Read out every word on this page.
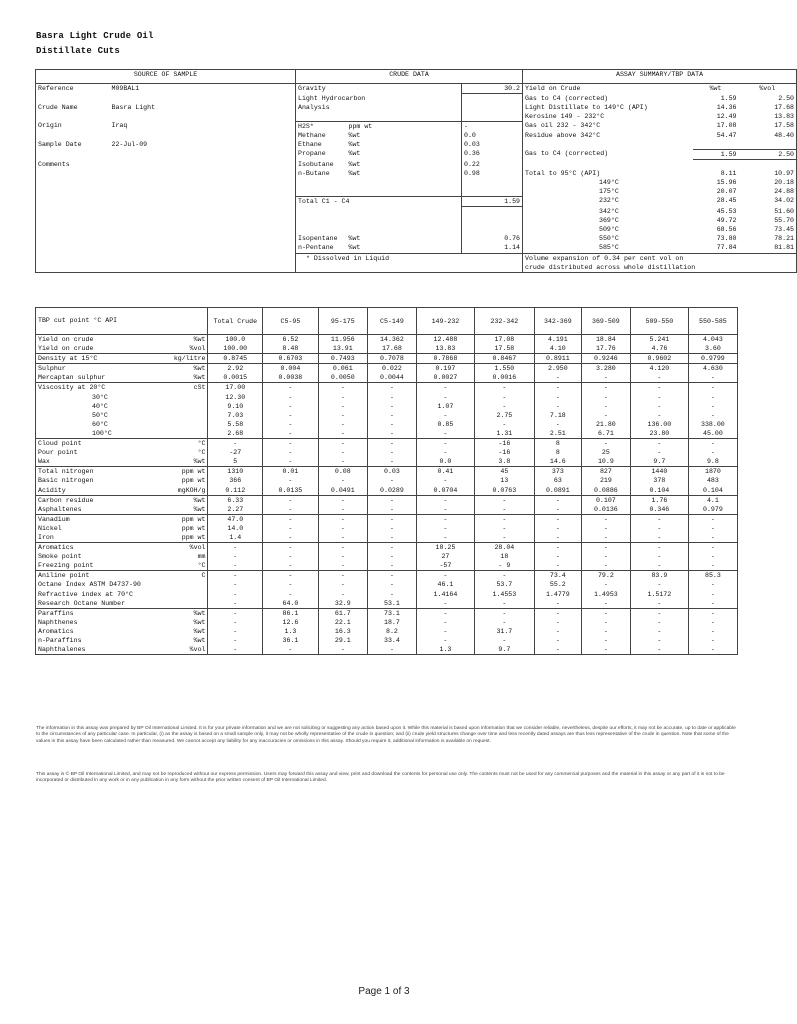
Basra Light Crude Oil
Distillate Cuts
SOURCE OF SAMPLE		CRUDE DATA				ASSAY SUMMARY/TBP DATA		
Reference	M09BAL1	Gravity			30.2	Yield on Crude	%wt	%vol
		Light Hydrocarbon				Gas to C4 (corrected)	1.59	2.50
Crude Name	Basra Light	Analysis				Light Distillate to 149°C (API)	14.36	17.68
						Kerosine 149 - 232°C	12.49	13.83
Origin	Iraq	H2S*	ppm wt		-	Gas oil 232 - 342°C	17.08	17.58
		Methane	%wt		0.0	Residue above 342°C	54.47	48.40
Sample Date	22-Jul-09	Ethane	%wt		0.03			
		Propane	%wt		0.36	Gas to C4 (corrected)	1.59	2.50
Comments		Isobutane	%wt		0.22			
		n-Butane	%wt		0.98	Total to 95°C (API)	8.11	10.97
						149°C	15.96	20.18
						175°C	20.07	24.88
		Total C1 - C4			1.59	232°C	28.45	34.02
						342°C	45.53	51.60
						369°C	49.72	55.70
						509°C	68.56	73.45
		Isopentane	%wt		0.76	550°C	73.80	78.21
		n-Pentane	%wt		1.14	585°C	77.84	81.81

		* Dissolved in Liquid				Volume expansion of 0.34 per cent vol on		
						crude distributed across whole distillation		
TBP cut point °C API		Total Crude	C5-95	95-175	C5-149	149-232	232-342	342-369	369-509	509-550	550-585
Yield on crude	%wt	100.0	6.52	11.956	14.362	12.488	17.08	4.191	18.84	5.241	4.043
Yield on crude	%vol	100.00	8.48	13.91	17.68	13.83	17.58	4.10	17.76	4.76	3.60
Density at 15°C	kg/litre	0.8745	0.6703	0.7493	0.7078	0.7868	0.8467	0.8911	0.9246	0.9602	0.9799
Sulphur	%wt	2.92	0.004	0.061	0.022	0.197	1.550	2.950	3.280	4.120	4.630
Mercaptan sulphur	%wt	0.0015	0.0038	0.0050	0.0044	0.0027	0.0016	-	-	-	-
Viscosity at 20°C	cSt	17.00	-	-	-	-	-	-	-	-	-
30°C		12.30	-	-	-	-	-	-	-	-	-
40°C		9.10	-	-	-	1.07	-	-	-	-	-
50°C		7.03	-	-	-	-	2.75	7.18	-	-	-
60°C		5.58	-	-	-	0.85	-	-	21.80	136.00	338.00
100°C		2.68	-	-	-	-	1.31	2.51	6.71	23.80	45.00
Cloud point	°C	-	-	-	-	-	-16	8	-	-	-
Pour point	°C	-27	-	-	-	-	-16	8	25	-	-
Wax	%wt	5	-	-	-	0.0	3.8	14.6	10.9	9.7	9.8
Total nitrogen	ppm wt	1310	0.01	0.08	0.03	0.41	45	373	827	1440	1870
Basic nitrogen	ppm wt	366	-	-	-	-	13	63	219	378	483
Acidity	mgKOH/g	0.112	0.0135	0.0491	0.0289	0.0704	0.0763	0.0891	0.0886	0.104	0.104
Carbon residue	%wt	6.33	-	-	-	-	-	-	0.107	1.76	4.1
Asphaltenes	%wt	2.27	-	-	-	-	-	-	0.0136	0.346	0.979
Vanadium	ppm wt	47.0	-	-	-	-	-	-	-	-	-
Nickel	ppm wt	14.0	-	-	-	-	-	-	-	-	-
Iron	ppm wt	1.4	-	-	-	-	-	-	-	-	-
Aromatics	%vol	-	-	-	-	18.25	28.04	-	-	-	-
Smoke point	mm	-	-	-	-	27	18	-	-	-	-
Freezing point	°C	-	-	-	-	-57	- 9	-	-	-	-
Aniline point	C	-	-	-	-	-	-	73.4	79.2	83.9	85.3
Octane Index ASTM D4737-90		-	-	-	-	46.1	53.7	55.2	-	-	-
Refractive index at 70°C		-	-	-	-	1.4164	1.4553	1.4779	1.4953	1.5172	-
Research Octane Number		-	64.0	32.9	53.1	-	-	-	-	-	-
Paraffins	%wt	-	86.1	61.7	73.1	-	-	-	-	-	-
Naphthenes	%wt	-	12.6	22.1	18.7	-	-	-	-	-	-
Aromatics	%wt	-	1.3	16.3	8.2	-	31.7	-	-	-	-
n-Paraffins	%wt	-	36.1	29.1	33.4	-	-	-	-	-	-
Naphthalenes	%vol	-	-	-	-	1.3	9.7	-	-	-	-
The information in this assay was prepared by BP Oil International Limited. It is for your private information and we are not soliciting or suggesting any action based upon it. While this material is based upon information that we consider reliable, nevertheless, despite our efforts, it may not be accurate, up to date or applicable to the circumstances of any particular case. In particular, (i) as the assay is based on a small sample only, it may not be wholly representative of the crude in question; and (ii) crude yield structures change over time and less recently dated assays are thus less representative of the crude in question. Note that some of the values in this assay have been calculated rather than measured. We cannot accept any liability for any inaccuracies or omissions in this assay. Should you require it, additional information is available on request.
This assay is © BP Oil International Limited, and may not be reproduced without our express permission. Users may forward this assay and view, print and download the contents for personal use only. The contents must not be used for any commercial purposes and the material in this assay or any part of it is not to be incorporated or distributed in any work or in any publication in any form without the prior written consent of BP Oil International Limited.
Page 1 of 3
